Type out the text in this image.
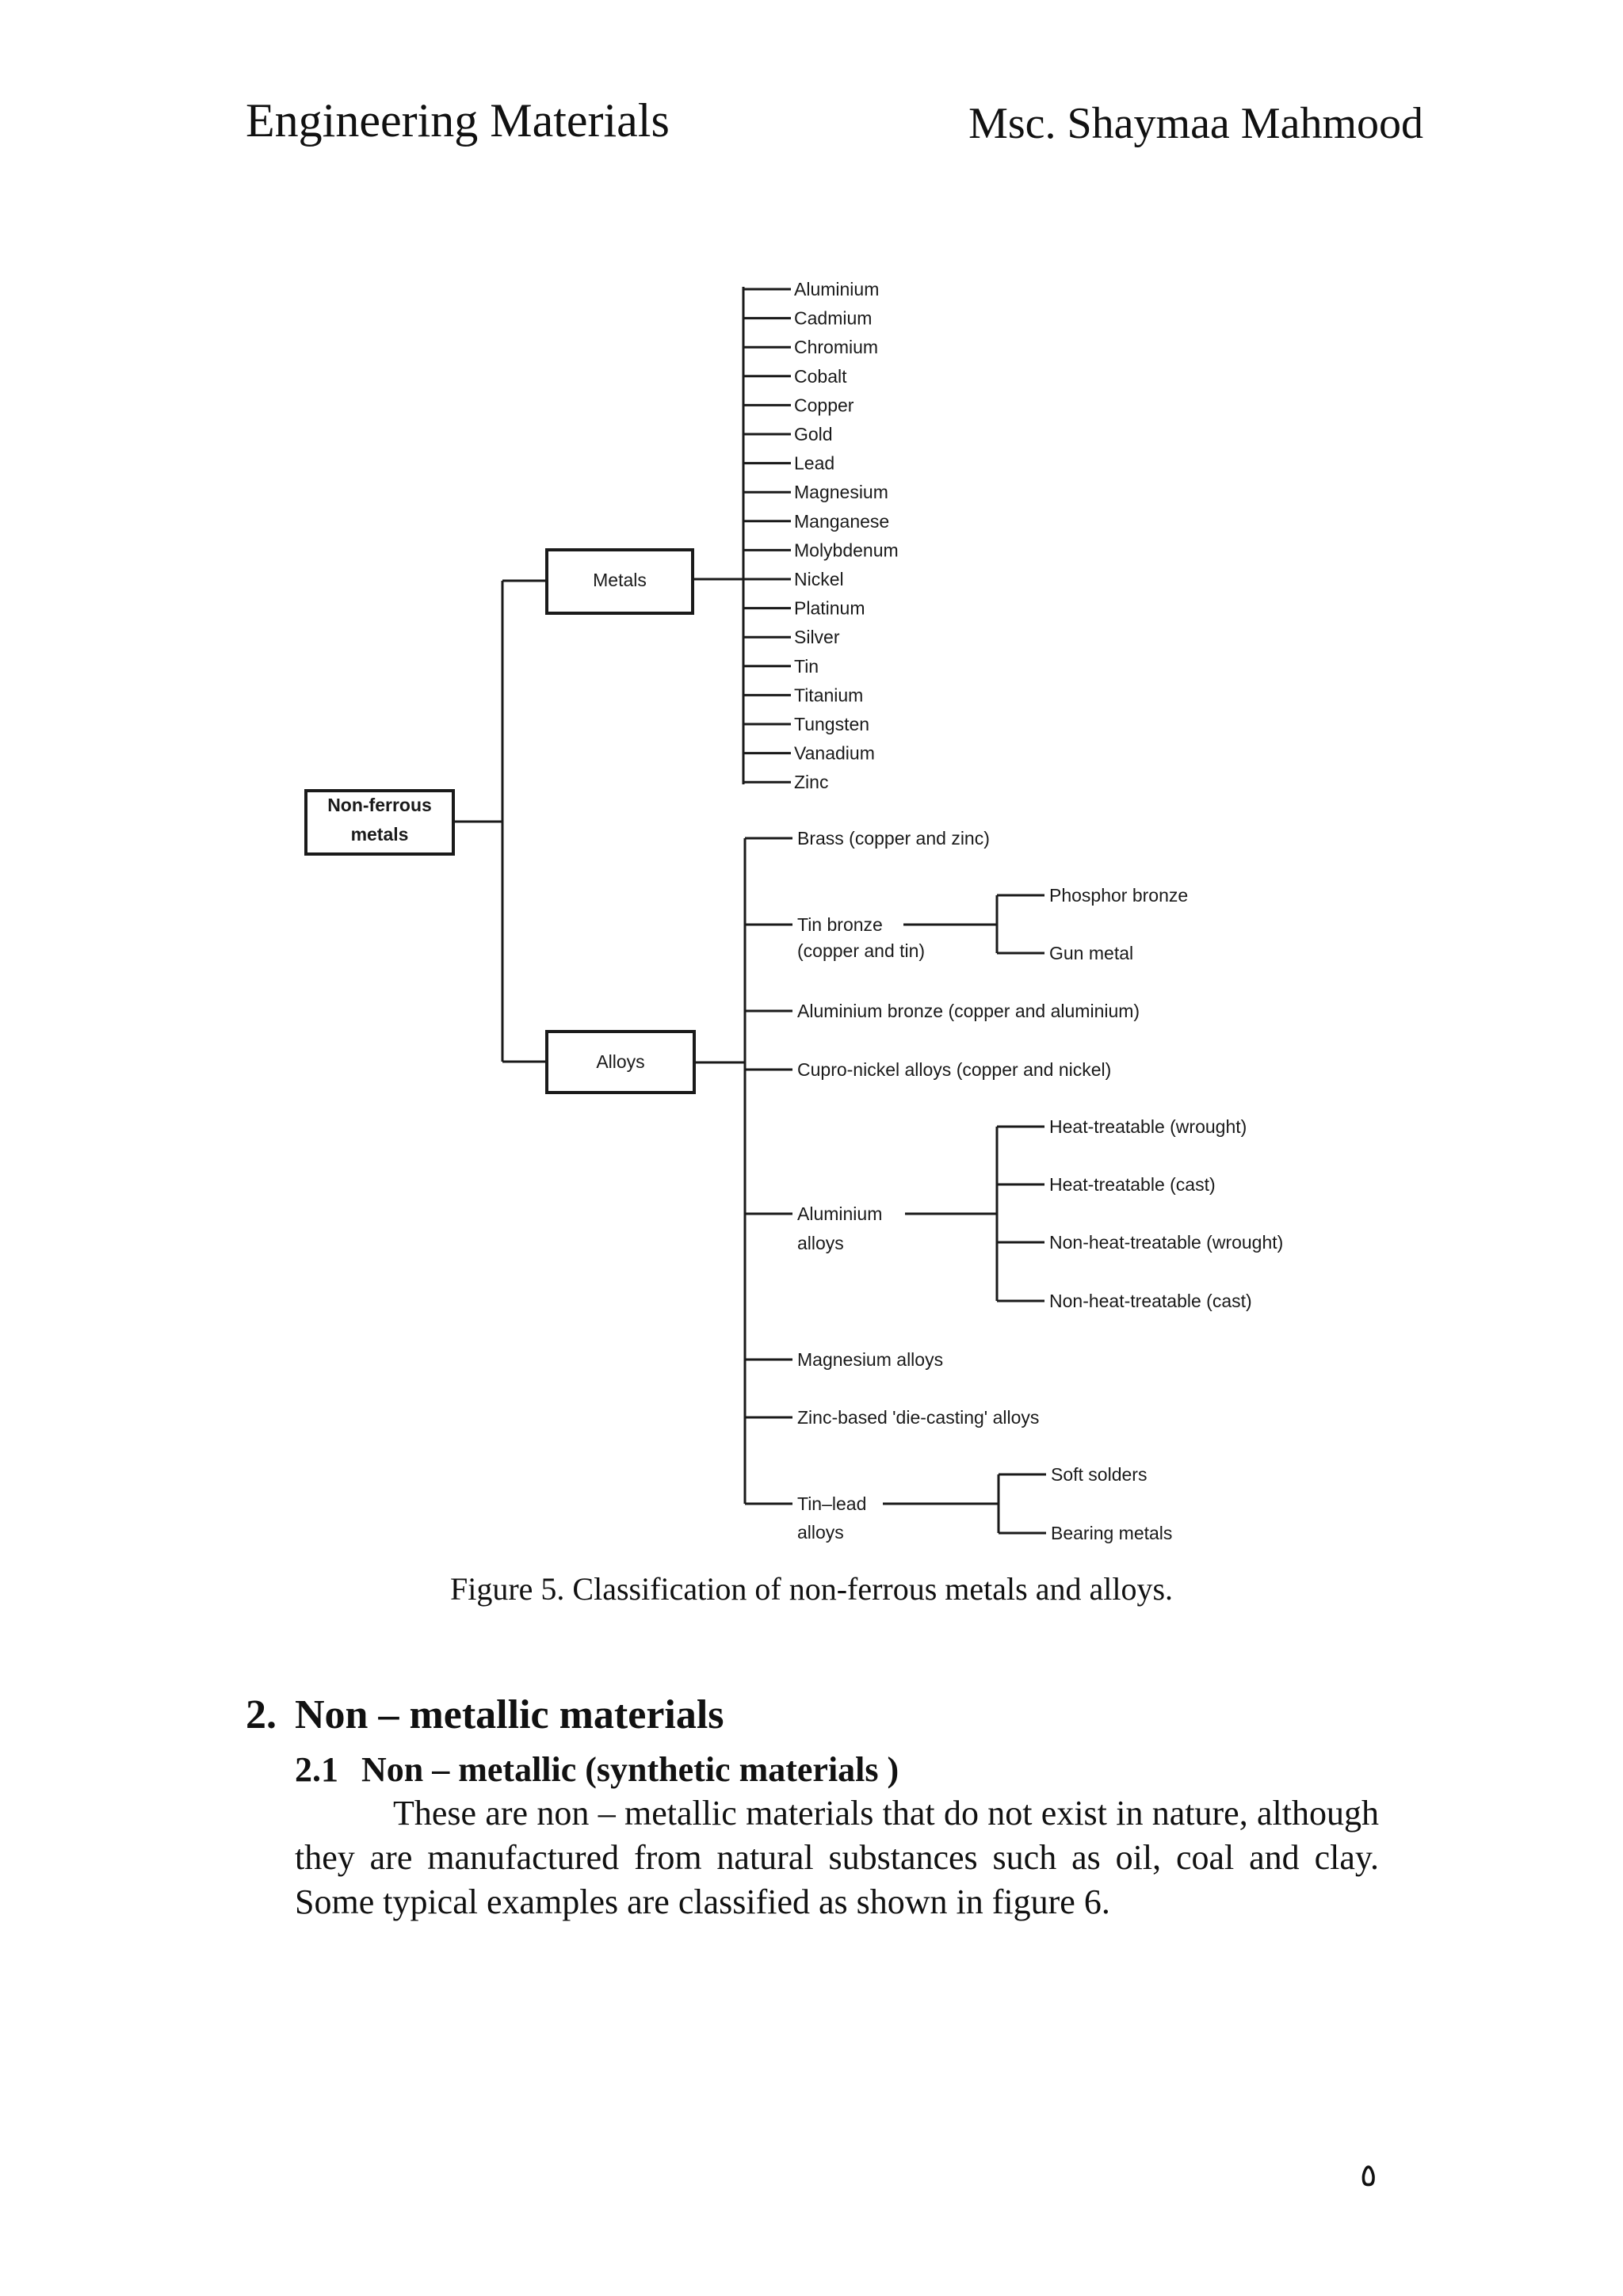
Engineering Materials	Msc. Shaymaa Mahmood
Non-ferrous
metals
Metals
Alloys
Aluminium
Cadmium
Chromium
Cobalt
Copper
Gold
Lead
Magnesium
Manganese
Molybdenum
Nickel
Platinum
Silver
Tin
Titanium
Tungsten
Vanadium
Zinc
Brass (copper and zinc)
Tin bronze
(copper and tin)
Phosphor bronze
Gun metal
Aluminium bronze (copper and aluminium)
Cupro-nickel alloys (copper and nickel)
Aluminium
alloys
Heat-treatable (wrought)
Heat-treatable (cast)
Non-heat-treatable (wrought)
Non-heat-treatable (cast)
Magnesium alloys
Zinc-based 'die-casting' alloys
Tin–lead
alloys
Soft solders
Bearing metals
Figure 5. Classification of non-ferrous metals and alloys.
2. Non – metallic materials
2.1 Non – metallic (synthetic materials )

These are non – metallic materials that do not exist in nature, although they are manufactured from natural substances such as oil, coal and clay. Some typical examples are classified as shown in figure 6.

٥
